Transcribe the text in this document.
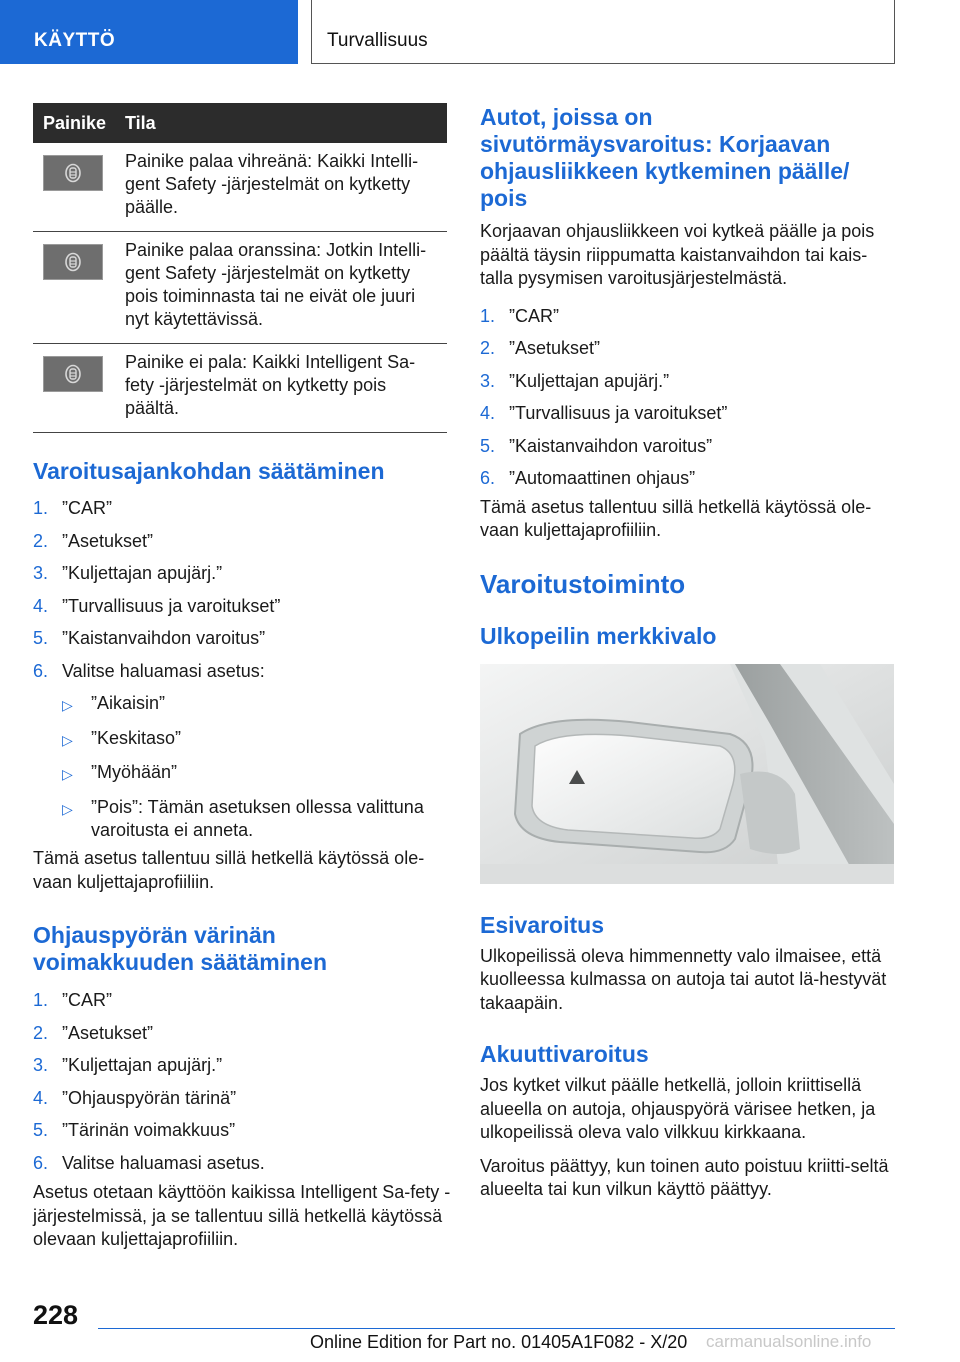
KÄYTTÖ	Turvallisuus
Painike	Tila
Painike palaa vihreänä: Kaikki Intelli-gent Safety -järjestelmät on kytketty päälle.
Painike palaa oranssina: Jotkin Intelli-gent Safety -järjestelmät on kytketty pois toiminnasta tai ne eivät ole juuri nyt käytettävissä.
Painike ei pala: Kaikki Intelligent Sa-fety -järjestelmät on kytketty pois päältä.
Varoitusajankohdan säätäminen
1. ”CAR”
2. ”Asetukset”
3. ”Kuljettajan apujärj.”
4. ”Turvallisuus ja varoitukset”
5. ”Kaistanvaihdon varoitus”
6. Valitse haluamasi asetus:
▷	”Aikaisin”
▷	”Keskitaso”
▷	”Myöhään”
▷	”Pois”: Tämän asetuksen ollessa valittuna varoitusta ei anneta.

Tämä asetus tallentuu sillä hetkellä käytössä ole-vaan kuljettajaprofiiliin.

Ohjauspyörän värinän voimakkuuden säätäminen
1. ”CAR”
2. ”Asetukset”
3. ”Kuljettajan apujärj.”
4. ”Ohjauspyörän tärinä”
5. ”Tärinän voimakkuus”
6. Valitse haluamasi asetus.

Asetus otetaan käyttöön kaikissa Intelligent Sa-fety -järjestelmissä, ja se tallentuu sillä hetkellä käytössä olevaan kuljettajaprofiiliin.

Autot, joissa on sivutörmäysvaroitus: Korjaavan ohjausliikkeen kytkeminen päälle/ pois

Korjaavan ohjausliikkeen voi kytkeä päälle ja pois päältä täysin riippumatta kaistanvaihdon tai kais-talla pysymisen varoitusjärjestelmästä.

1. ”CAR”
2. ”Asetukset”
3. ”Kuljettajan apujärj.”
4. ”Turvallisuus ja varoitukset”
5. ”Kaistanvaihdon varoitus”
6. ”Automaattinen ohjaus”

Tämä asetus tallentuu sillä hetkellä käytössä ole-vaan kuljettajaprofiiliin.

Varoitustoiminto
Ulkopeilin merkkivalo
Esivaroitus

Ulkopeilissä oleva himmennetty valo ilmaisee, että kuolleessa kulmassa on autoja tai autot lä-hestyvät takaapäin.

Akuuttivaroitus

Jos kytket vilkut päälle hetkellä, jolloin kriittisellä alueella on autoja, ohjauspyörä värisee hetken, ja ulkopeilissä oleva valo vilkkuu kirkkaana.

Varoitus päättyy, kun toinen auto poistuu kriitti-seltä alueelta tai kun vilkun käyttö päättyy.

228
Online Edition for Part no. 01405A1F082 - X/20 carmanualsonline.info
